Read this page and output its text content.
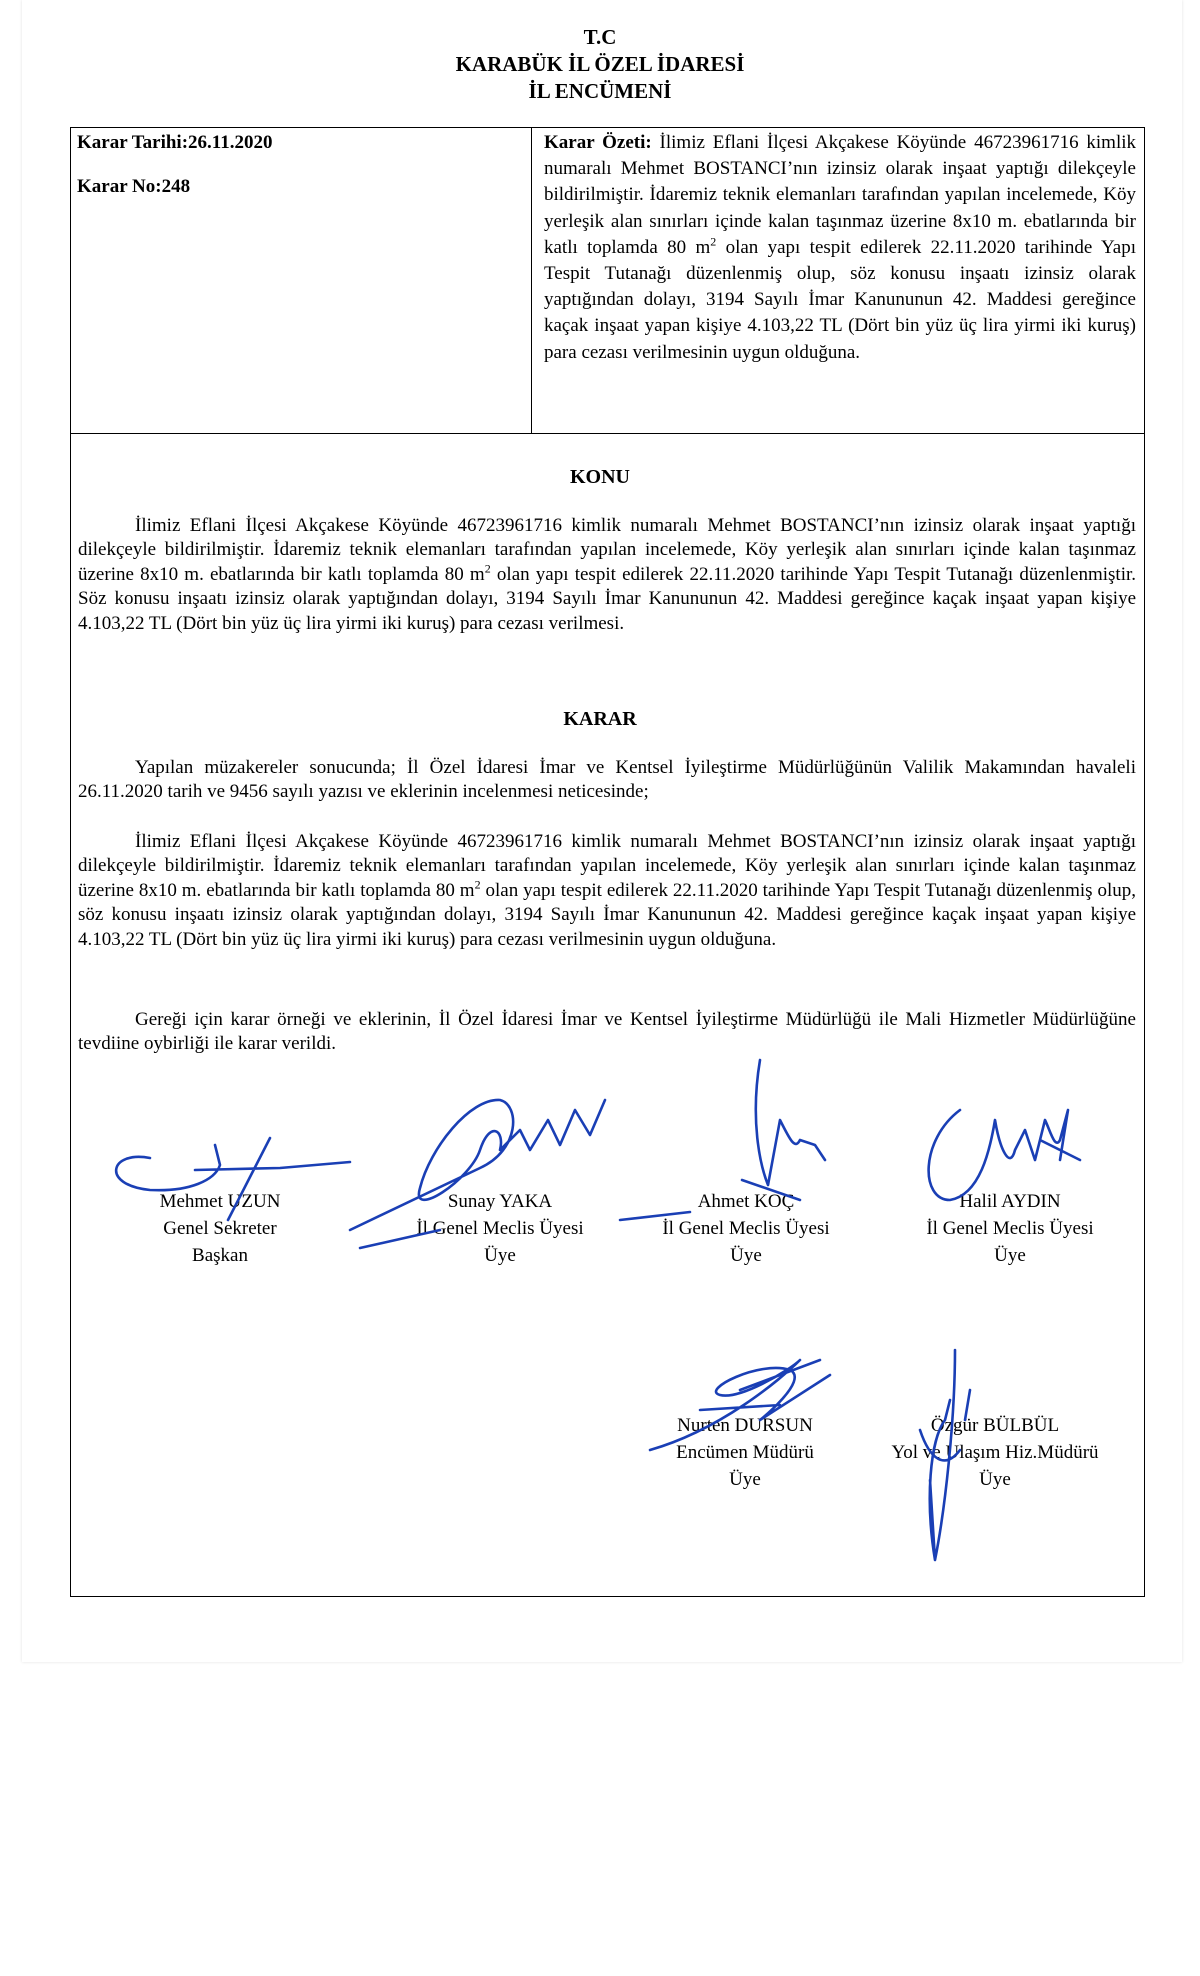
T.C
KARABÜK İL ÖZEL İDARESİ
İL ENCÜMENİ

Karar Tarihi:26.11.2020

Karar No:248

Karar Özeti: İlimiz Eflani İlçesi Akçakese Köyünde 46723961716 kimlik numaralı Mehmet BOSTANCI’nın izinsiz olarak inşaat yaptığı dilekçeyle bildirilmiştir. İdaremiz teknik elemanları tarafından yapılan incelemede, Köy yerleşik alan sınırları içinde kalan taşınmaz üzerine 8x10 m. ebatlarında bir katlı toplamda 80 $m^2$ olan yapı tespit edilerek 22.11.2020 tarihinde Yapı Tespit Tutanağı düzenlenmiş olup, söz konusu inşaatı izinsiz olarak yaptığından dolayı, 3194 Sayılı İmar Kanununun 42. Maddesi gereğince kaçak inşaat yapan kişiye 4.103,22 TL (Dört bin yüz üç lira yirmi iki kuruş) para cezası verilmesinin uygun olduğuna.
KONU

İlimiz Eflani İlçesi Akçakese Köyünde 46723961716 kimlik numaralı Mehmet BOSTANCI’nın izinsiz olarak inşaat yaptığı dilekçeyle bildirilmiştir. İdaremiz teknik elemanları tarafından yapılan incelemede, Köy yerleşik alan sınırları içinde kalan taşınmaz üzerine 8x10 m. ebatlarında bir katlı toplamda 80 $m^2$ olan yapı tespit edilerek 22.11.2020 tarihinde Yapı Tespit Tutanağı düzenlenmiştir. Söz konusu inşaatı izinsiz olarak yaptığından dolayı, 3194 Sayılı İmar Kanununun 42. Maddesi gereğince kaçak inşaat yapan kişiye 4.103,22 TL (Dört bin yüz üç lira yirmi iki kuruş) para cezası verilmesi.

KARAR

Yapılan müzakereler sonucunda; İl Özel İdaresi İmar ve Kentsel İyileştirme Müdürlüğünün Valilik Makamından havaleli 26.11.2020 tarih ve 9456 sayılı yazısı ve eklerinin incelenmesi neticesinde;

İlimiz Eflani İlçesi Akçakese Köyünde 46723961716 kimlik numaralı Mehmet BOSTANCI’nın izinsiz olarak inşaat yaptığı dilekçeyle bildirilmiştir. İdaremiz teknik elemanları tarafından yapılan incelemede, Köy yerleşik alan sınırları içinde kalan taşınmaz üzerine 8x10 m. ebatlarında bir katlı toplamda 80 $m^2$ olan yapı tespit edilerek 22.11.2020 tarihinde Yapı Tespit Tutanağı düzenlenmiş olup, söz konusu inşaatı izinsiz olarak yaptığından dolayı, 3194 Sayılı İmar Kanununun 42. Maddesi gereğince kaçak inşaat yapan kişiye 4.103,22 TL (Dört bin yüz üç lira yirmi iki kuruş) para cezası verilmesinin uygun olduğuna.

Gereği için karar örneği ve eklerinin, İl Özel İdaresi İmar ve Kentsel İyileştirme Müdürlüğü ile Mali Hizmetler Müdürlüğüne tevdiine oybirliği ile karar verildi.

Mehmet UZUN
Genel Sekreter
Başkan
Sunay YAKA
İl Genel Meclis Üyesi
Üye
Ahmet KOÇ
İl Genel Meclis Üyesi
Üye
Halil AYDIN
İl Genel Meclis Üyesi
Üye
Nurten DURSUN
Encümen Müdürü
Üye
Özgür BÜLBÜL
Yol ve Ulaşım Hiz.Müdürü
Üye
